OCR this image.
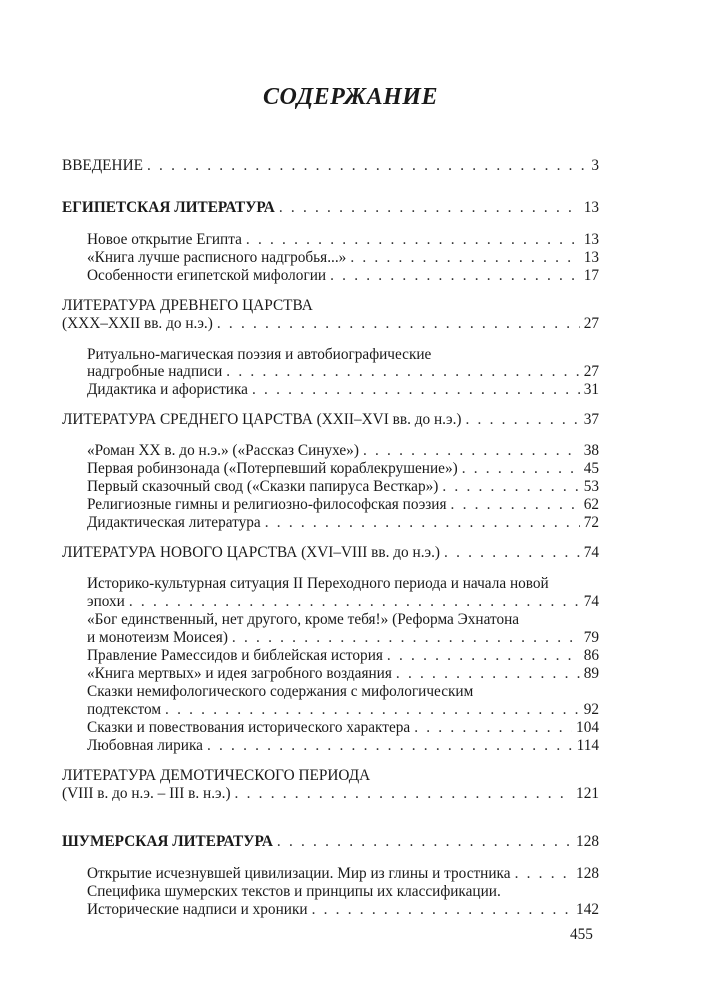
СОДЕРЖАНИЕ
ВВЕДЕНИЕ . . .	3
ЕГИПЕТСКАЯ ЛИТЕРАТУРА . . .	13
Новое открытие Египта . . .	13
«Книга лучше расписного надгробья...» . . .	13
Особенности египетской мифологии . . .	17
ЛИТЕРАТУРА ДРЕВНЕГО ЦАРСТВА
(XXX–XXII вв. до н.э.) . . .	27
Ритуально-магическая поэзия и автобиографические
надгробные надписи . . .	27
Дидактика и афористика . . .	31
ЛИТЕРАТУРА СРЕДНЕГО ЦАРСТВА (XXII–XVI вв. до н.э.) . . .	37
«Роман XX в. до н.э.» («Рассказ Синухе») . . .	38
Первая робинзонада («Потерпевший кораблекрушение») . . .	45
Первый сказочный свод («Сказки папируса Весткар») . . .	53
Религиозные гимны и религиозно-философская поэзия . . .	62
Дидактическая литература . . .	72
ЛИТЕРАТУРА НОВОГО ЦАРСТВА (XVI–VIII вв. до н.э.) . . .	74
Историко-культурная ситуация II Переходного периода и начала новой
эпохи . . .	74
«Бог единственный, нет другого, кроме тебя!» (Реформа Эхнатона
и монотеизм Моисея) . . .	79
Правление Рамессидов и библейская история . . .	86
«Книга мертвых» и идея загробного воздаяния . . .	89
Сказки немифологического содержания с мифологическим
подтекстом . . .	92
Сказки и повествования исторического характера . . .	104
Любовная лирика . . .	114
ЛИТЕРАТУРА ДЕМОТИЧЕСКОГО ПЕРИОДА
(VIII в. до н.э. – III в. н.э.) . . .	121
ШУМЕРСКАЯ ЛИТЕРАТУРА . . .	128
Открытие исчезнувшей цивилизации. Мир из глины и тростника . . .	128
Специфика шумерских текстов и принципы их классификации.
Исторические надписи и хроники . . .	142
455
